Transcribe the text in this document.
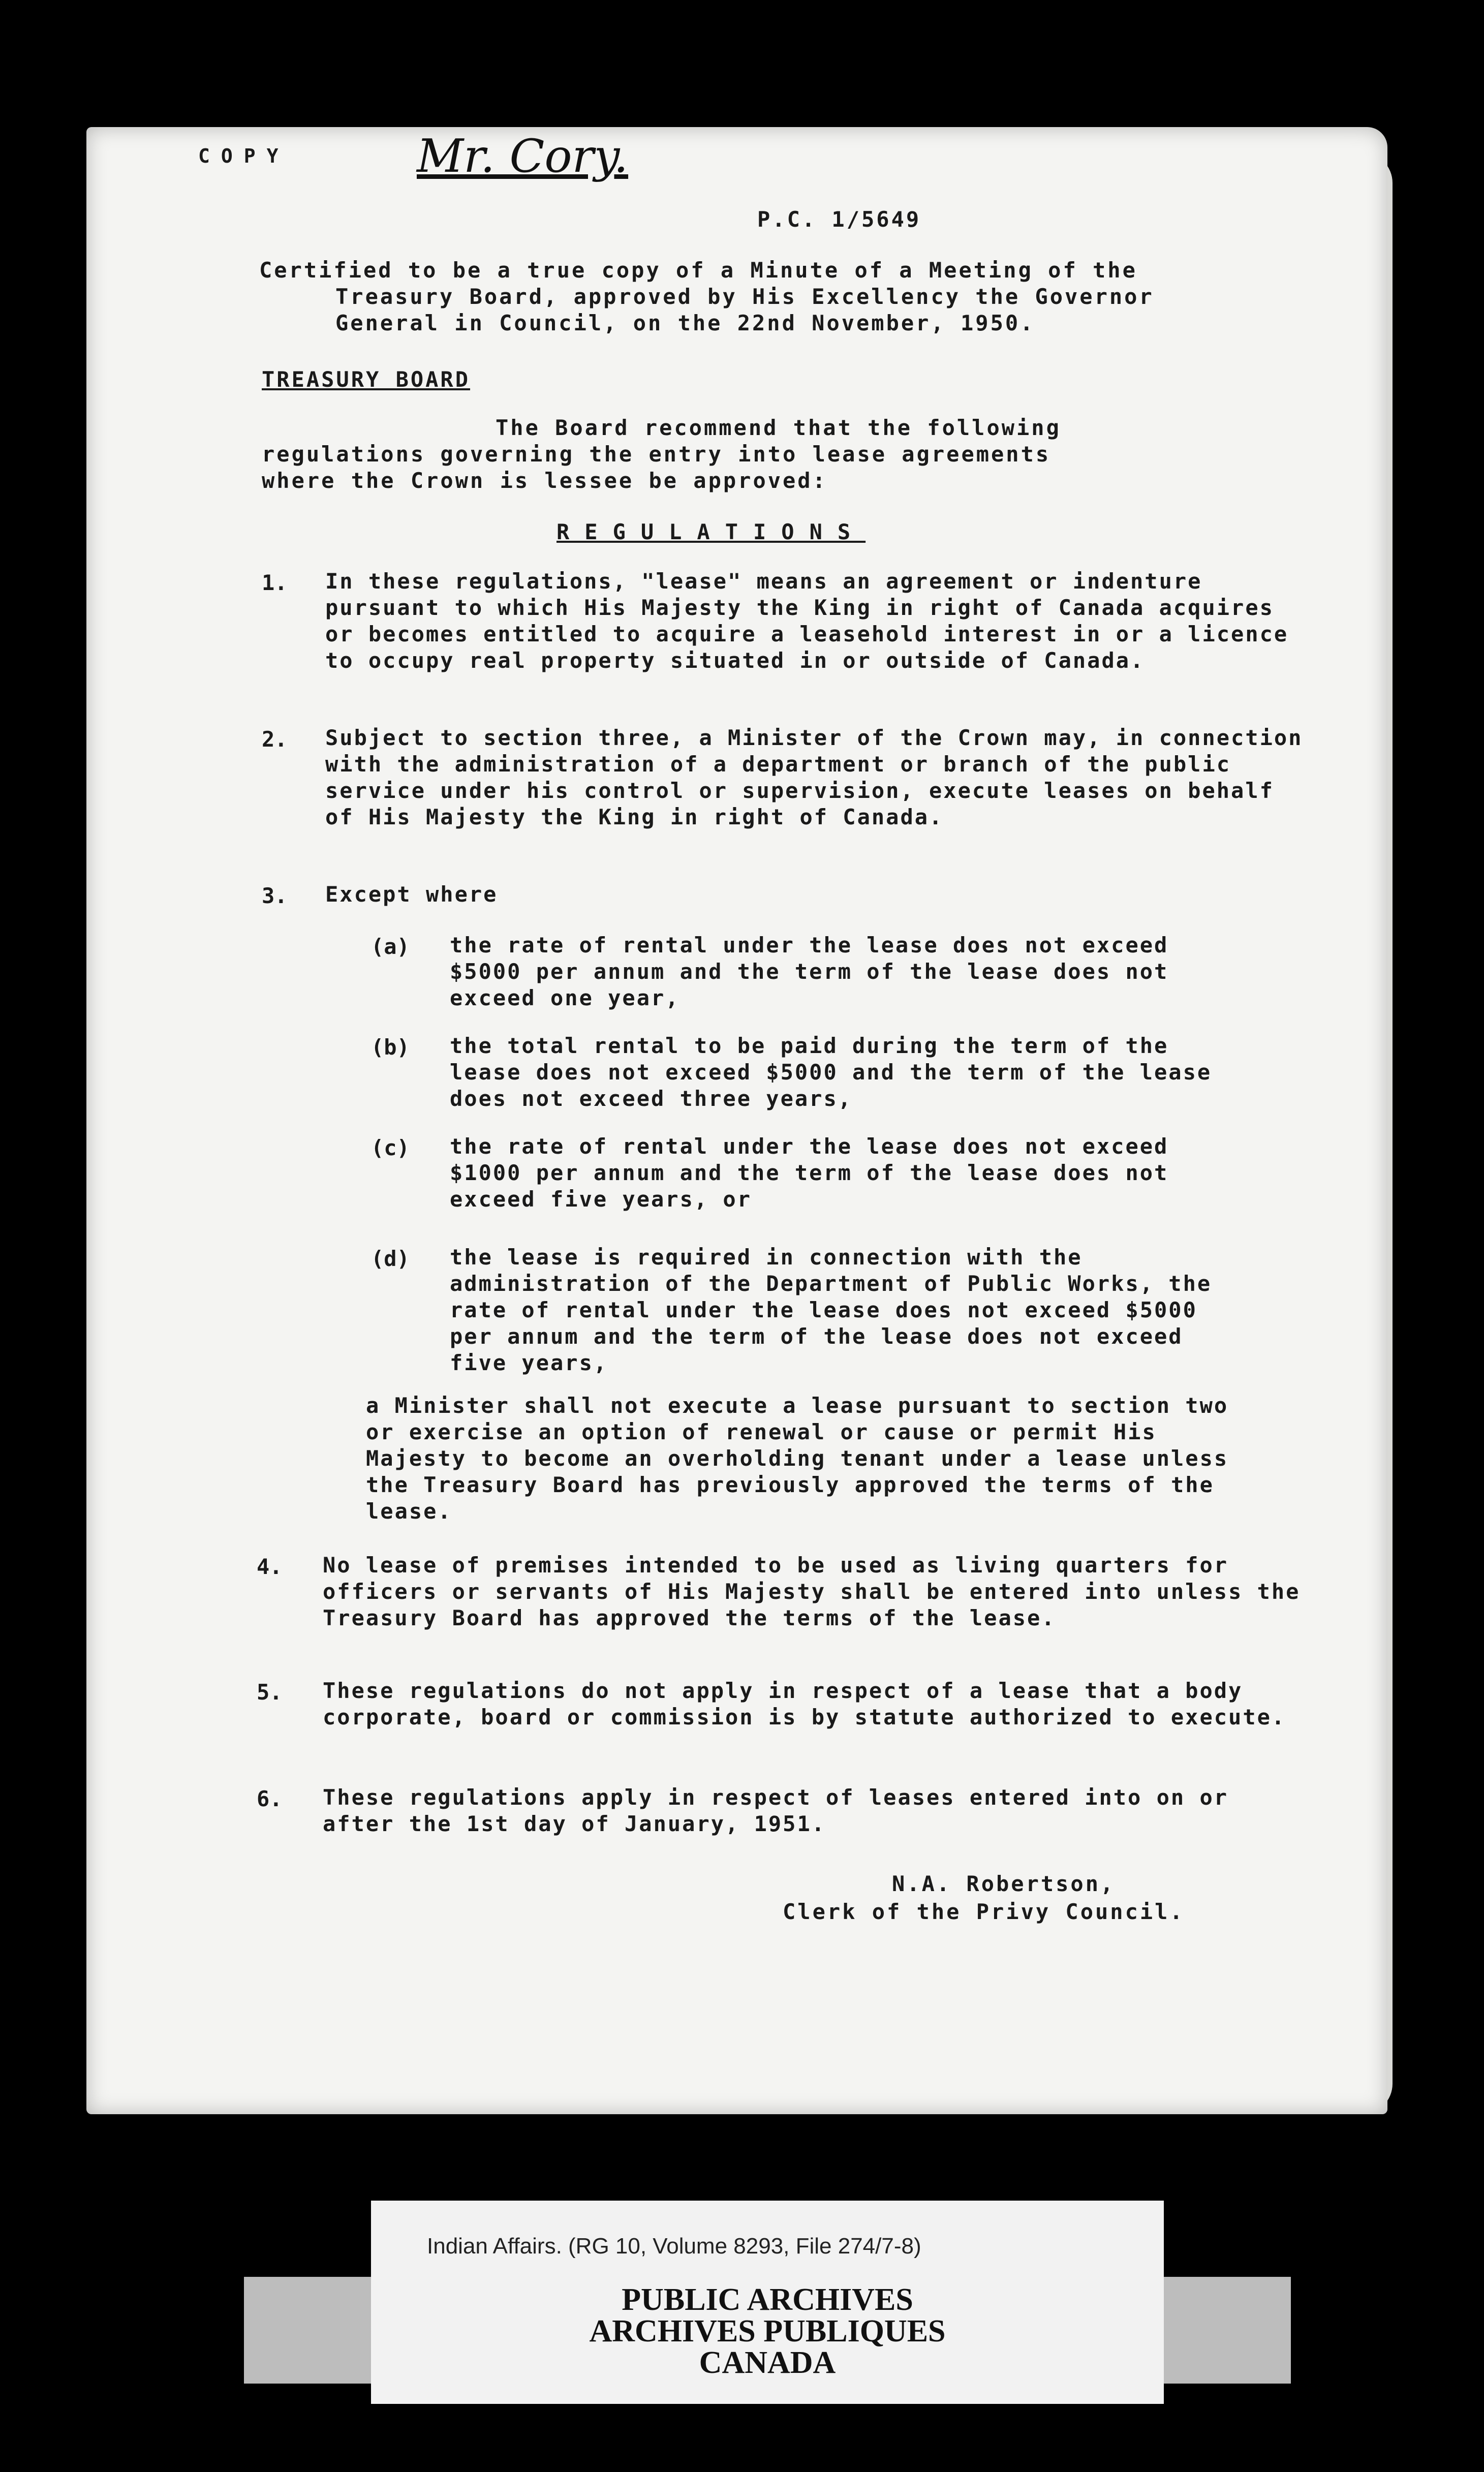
COPY	Mr. Cory.
P.C. 1/5649
Certified to be a true copy of a Minute of a Meeting of the
Treasury Board, approved by His Excellency the Governor
General in Council, on the 22nd November, 1950.
TREASURY BOARD
The Board recommend that the following
regulations governing the entry into lease agreements
where the Crown is lessee be approved:
REGULATIONS
1. In these regulations, "lease" means an agreement or indenture pursuant to which His Majesty the King in right of Canada acquires or becomes entitled to acquire a leasehold interest in or a licence to occupy real property situated in or outside of Canada.
2. Subject to section three, a Minister of the Crown may, in connection with the administration of a department or branch of the public service under his control or supervision, execute leases on behalf of His Majesty the King in right of Canada.
3. Except where
(a) the rate of rental under the lease does not exceed $5000 per annum and the term of the lease does not exceed one year,
(b) the total rental to be paid during the term of the lease does not exceed $5000 and the term of the lease does not exceed three years,
(c) the rate of rental under the lease does not exceed $1000 per annum and the term of the lease does not exceed five years, or
(d) the lease is required in connection with the administration of the Department of Public Works, the rate of rental under the lease does not exceed $5000 per annum and the term of the lease does not exceed five years,
a Minister shall not execute a lease pursuant to section two or exercise an option of renewal or cause or permit His Majesty to become an overholding tenant under a lease unless the Treasury Board has previously approved the terms of the lease.
4. No lease of premises intended to be used as living quarters for officers or servants of His Majesty shall be entered into unless the Treasury Board has approved the terms of the lease.
5. These regulations do not apply in respect of a lease that a body corporate, board or commission is by statute authorized to execute.
6. These regulations apply in respect of leases entered into on or after the 1st day of January, 1951.
N.A. Robertson,
Clerk of the Privy Council.
Indian Affairs. (RG 10, Volume 8293, File 274/7-8)
PUBLIC ARCHIVES
ARCHIVES PUBLIQUES
CANADA
